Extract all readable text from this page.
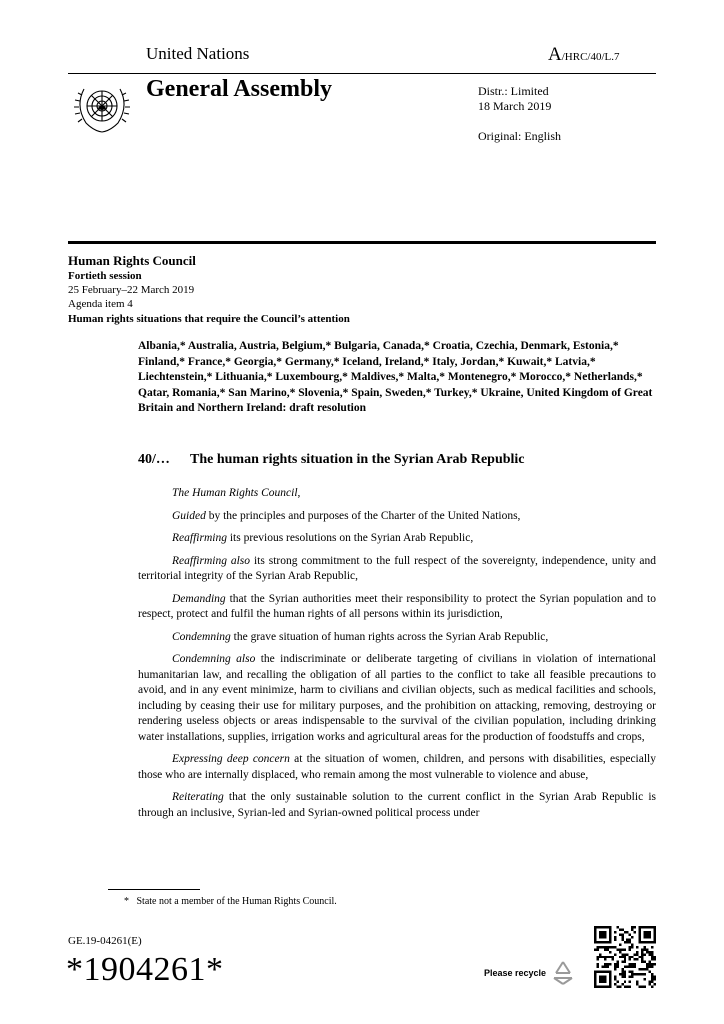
United Nations	A/HRC/40/L.7
General Assembly	Distr.: Limited
18 March 2019
Original: English
Human Rights Council
Fortieth session
25 February–22 March 2019
Agenda item 4
Human rights situations that require the Council’s attention
Albania,* Australia, Austria, Belgium,* Bulgaria, Canada,* Croatia, Czechia, Denmark, Estonia,* Finland,* France,* Georgia,* Germany,* Iceland, Ireland,* Italy, Jordan,* Kuwait,* Latvia,* Liechtenstein,* Lithuania,* Luxembourg,* Maldives,* Malta,* Montenegro,* Morocco,* Netherlands,* Qatar, Romania,* San Marino,* Slovenia,* Spain, Sweden,* Turkey,* Ukraine, United Kingdom of Great Britain and Northern Ireland: draft resolution
40/… The human rights situation in the Syrian Arab Republic

The Human Rights Council,

Guided by the principles and purposes of the Charter of the United Nations,

Reaffirming its previous resolutions on the Syrian Arab Republic,

Reaffirming also its strong commitment to the full respect of the sovereignty, independence, unity and territorial integrity of the Syrian Arab Republic,

Demanding that the Syrian authorities meet their responsibility to protect the Syrian population and to respect, protect and fulfil the human rights of all persons within its jurisdiction,

Condemning the grave situation of human rights across the Syrian Arab Republic,

Condemning also the indiscriminate or deliberate targeting of civilians in violation of international humanitarian law, and recalling the obligation of all parties to the conflict to take all feasible precautions to avoid, and in any event minimize, harm to civilians and civilian objects, such as medical facilities and schools, including by ceasing their use for military purposes, and the prohibition on attacking, removing, destroying or rendering useless objects or areas indispensable to the survival of the civilian population, including drinking water installations, supplies, irrigation works and agricultural areas for the production of foodstuffs and crops,

Expressing deep concern at the situation of women, children, and persons with disabilities, especially those who are internally displaced, who remain among the most vulnerable to violence and abuse,

Reiterating that the only sustainable solution to the current conflict in the Syrian Arab Republic is through an inclusive, Syrian-led and Syrian-owned political process under

*   State not a member of the Human Rights Council.
GE.19-04261(E)
*1904261*	Please recycle
